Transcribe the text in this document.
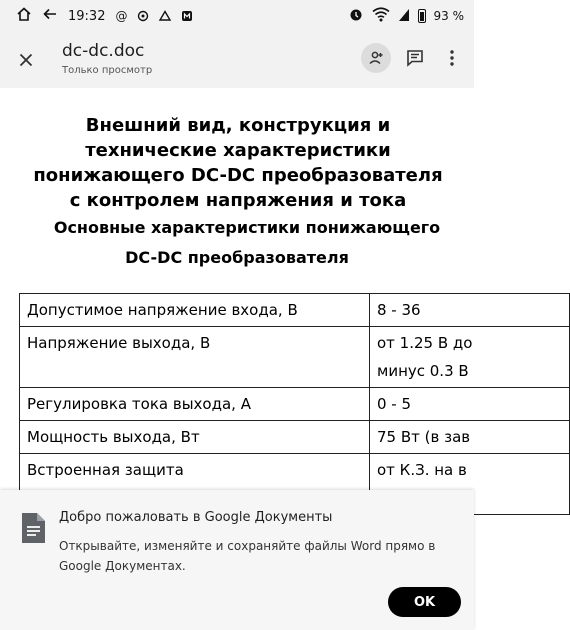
19:32 @	93 %
dc-dc.doc
Только просмотр
Внешний вид, конструкция и технические характеристики понижающего DC-DC преобразователя с контролем напряжения и тока
Основные характеристики понижающего
DC-DC преобразователя
Допустимое напряжение входа, В	8 - 36
Напряжение выхода, В	от 1.25 В до
минус 0.3 В
Регулировка тока выхода, А	0 - 5
Мощность выхода, Вт	75 Вт (в зав
Встроенная защита	от К.З. на в

Добро пожаловать в Google Документы
Открывайте, изменяйте и сохраняйте файлы Word прямо в Google Документах.
OK
